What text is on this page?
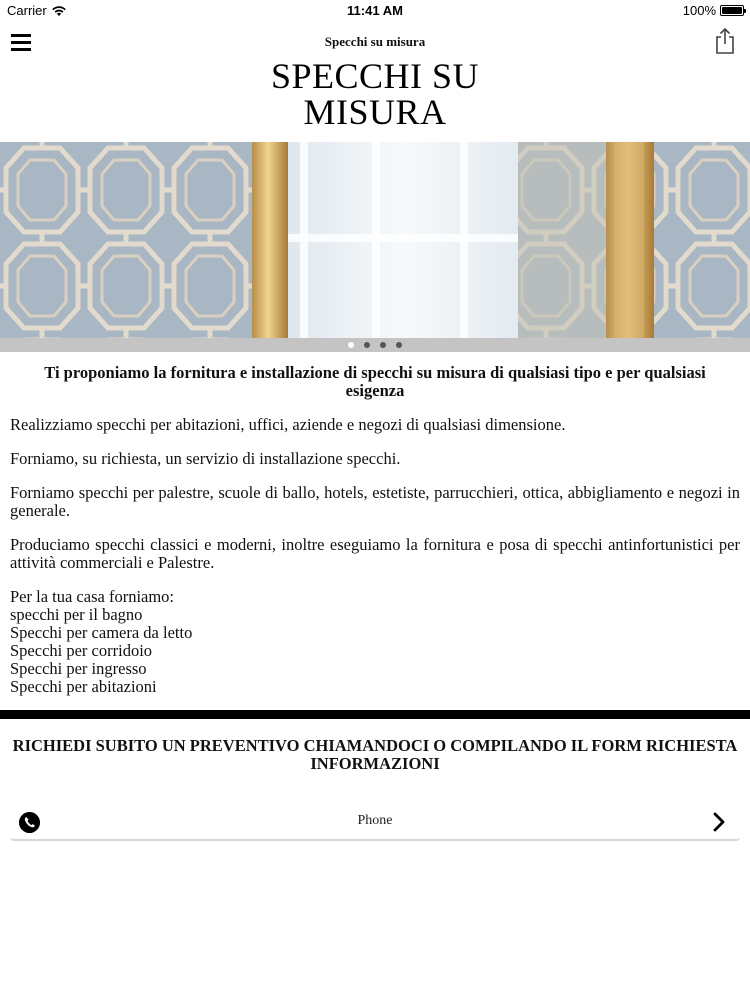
Carrier	11:41 AM	100%
Specchi su misura
SPECCHI SU
MISURA
Ti proponiamo la fornitura e installazione di specchi su misura di qualsiasi tipo e per qualsiasi esigenza

Realizziamo specchi per abitazioni, uffici, aziende e negozi di qualsiasi dimensione.

Forniamo, su richiesta, un servizio di installazione specchi.

Forniamo specchi per palestre, scuole di ballo, hotels, estetiste, parrucchieri, ottica, abbigliamento e negozi in generale.

Produciamo specchi classici e moderni, inoltre eseguiamo la fornitura e posa di specchi antinfortunistici per attività commerciali e Palestre.

Per la tua casa forniamo:
specchi per il bagno
Specchi per camera da letto
Specchi per corridoio
Specchi per ingresso
Specchi per abitazioni
RICHIEDI SUBITO UN PREVENTIVO CHIAMANDOCI O COMPILANDO IL FORM RICHIESTA INFORMAZIONI
Phone
